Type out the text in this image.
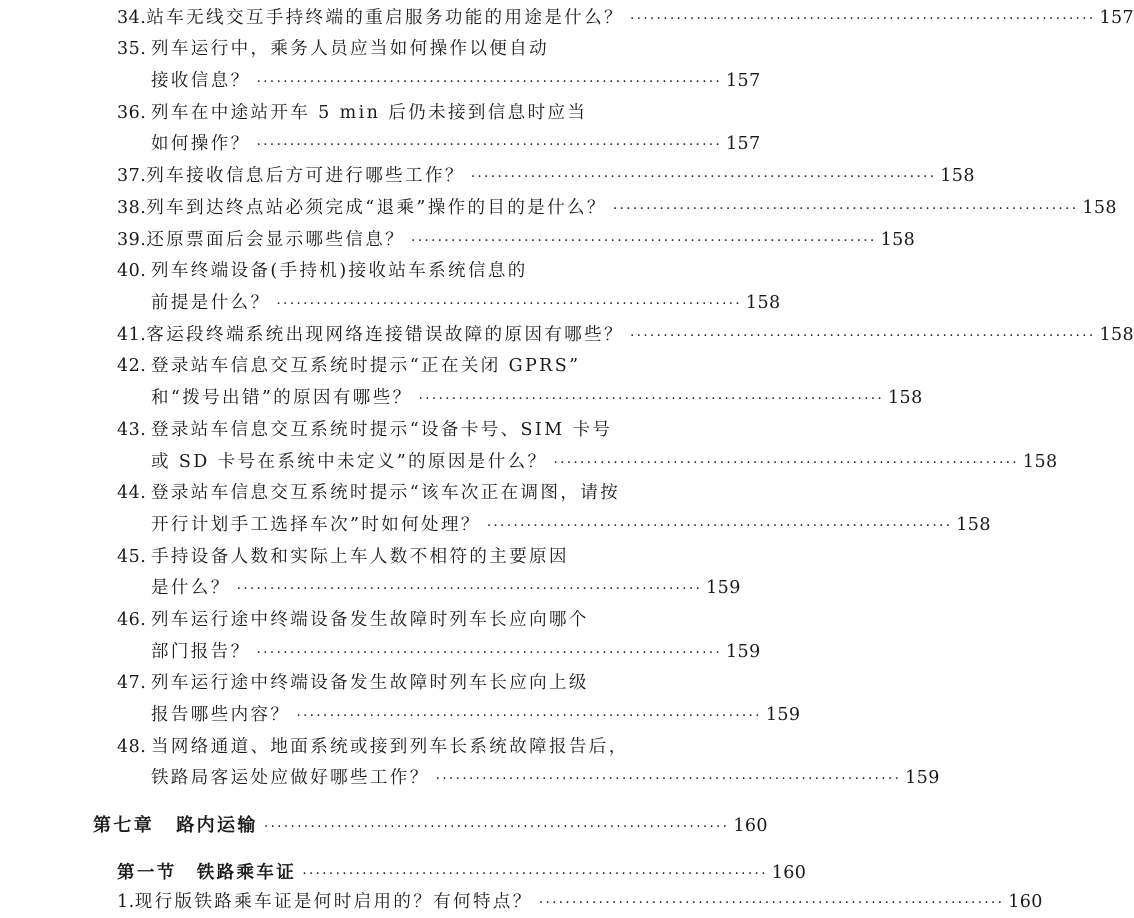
34. 站车无线交互手持终端的重启服务功能的用途是什么？ ······································································ 157
35. 列车运行中，乘务人员应当如何操作以便自动
接收信息？ ······································································ 157
36. 列车在中途站开车 5 min 后仍未接到信息时应当
如何操作？ ······································································ 157
37. 列车接收信息后方可进行哪些工作？ ······································································ 158
38. 列车到达终点站必须完成“退乘”操作的目的是什么？ ······································································ 158
39. 还原票面后会显示哪些信息？ ······································································ 158
40. 列车终端设备(手持机)接收站车系统信息的
前提是什么？ ······································································ 158
41. 客运段终端系统出现网络连接错误故障的原因有哪些？ ······································································ 158
42. 登录站车信息交互系统时提示“正在关闭 GPRS”
和“拨号出错”的原因有哪些？ ······································································ 158
43. 登录站车信息交互系统时提示“设备卡号、SIM 卡号
或 SD 卡号在系统中未定义”的原因是什么？ ······································································ 158
44. 登录站车信息交互系统时提示“该车次正在调图，请按
开行计划手工选择车次”时如何处理？ ······································································ 158
45. 手持设备人数和实际上车人数不相符的主要原因
是什么？ ······································································ 159
46. 列车运行途中终端设备发生故障时列车长应向哪个
部门报告？ ······································································ 159
47. 列车运行途中终端设备发生故障时列车长应向上级
报告哪些内容？ ······································································ 159
48. 当网络通道、地面系统或接到列车长系统故障报告后，
铁路局客运处应做好哪些工作？ ······································································ 159
第七章 路内运输 ······································································ 160
第一节 铁路乘车证 ······································································ 160
1. 现行版铁路乘车证是何时启用的？有何特点？ ······································································ 160
